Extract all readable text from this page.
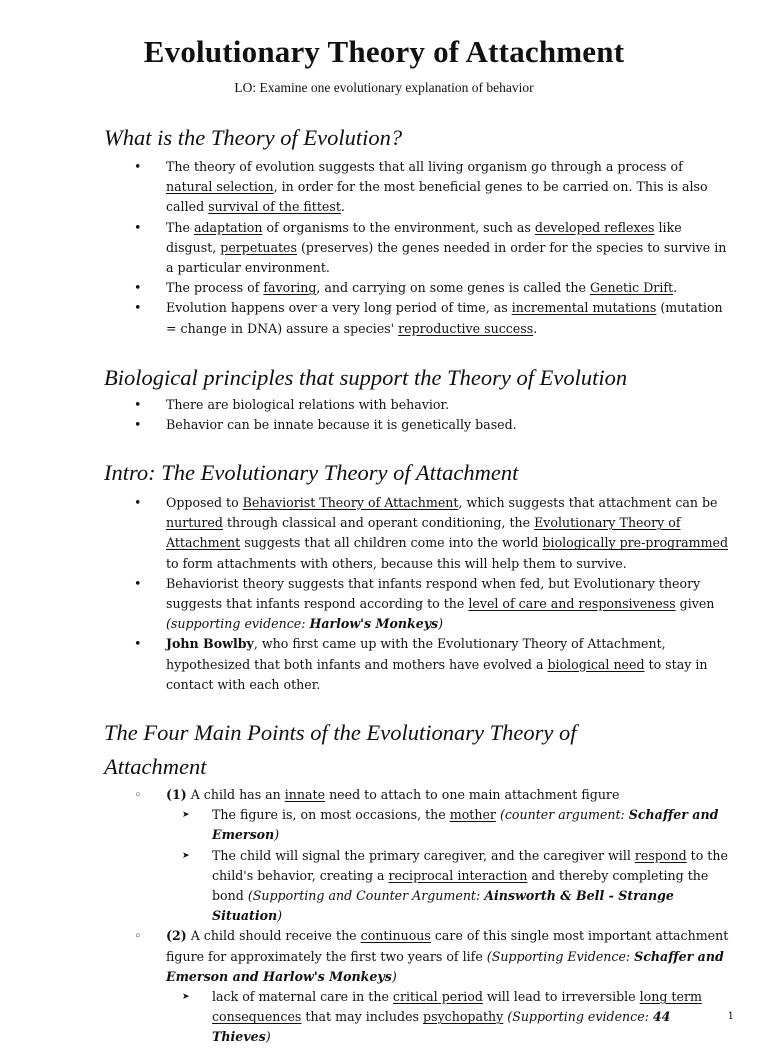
Evolutionary Theory of Attachment
LO: Examine one evolutionary explanation of behavior
What is the Theory of Evolution?
• The theory of evolution suggests that all living organism go through a process of natural selection, in order for the most beneficial genes to be carried on. This is also called survival of the fittest.
• The adaptation of organisms to the environment, such as developed reflexes like disgust, perpetuates (preserves) the genes needed in order for the species to survive in a particular environment.
• The process of favoring, and carrying on some genes is called the Genetic Drift.
• Evolution happens over a very long period of time, as incremental mutations (mutation = change in DNA) assure a species' reproductive success.
Biological principles that support the Theory of Evolution
• There are biological relations with behavior.
• Behavior can be innate because it is genetically based.
Intro: The Evolutionary Theory of Attachment
• Opposed to Behaviorist Theory of Attachment, which suggests that attachment can be nurtured through classical and operant conditioning, the Evolutionary Theory of Attachment suggests that all children come into the world biologically pre-programmed to form attachments with others, because this will help them to survive.
• Behaviorist theory suggests that infants respond when fed, but Evolutionary theory suggests that infants respond according to the level of care and responsiveness given (supporting evidence: Harlow's Monkeys)
• John Bowlby, who first came up with the Evolutionary Theory of Attachment, hypothesized that both infants and mothers have evolved a biological need to stay in contact with each other.
The Four Main Points of the Evolutionary Theory of Attachment
◦ (1) A child has an innate need to attach to one main attachment figure
➤ The figure is, on most occasions, the mother (counter argument: Schaffer and Emerson)
➤ The child will signal the primary caregiver, and the caregiver will respond to the child's behavior, creating a reciprocal interaction and thereby completing the bond (Supporting and Counter Argument: Ainsworth & Bell - Strange Situation)
◦ (2) A child should receive the continuous care of this single most important attachment figure for approximately the first two years of life (Supporting Evidence: Schaffer and Emerson and Harlow's Monkeys)
➤ lack of maternal care in the critical period will lead to irreversible long term consequences that may includes psychopathy (Supporting evidence: 44 Thieves)
1
